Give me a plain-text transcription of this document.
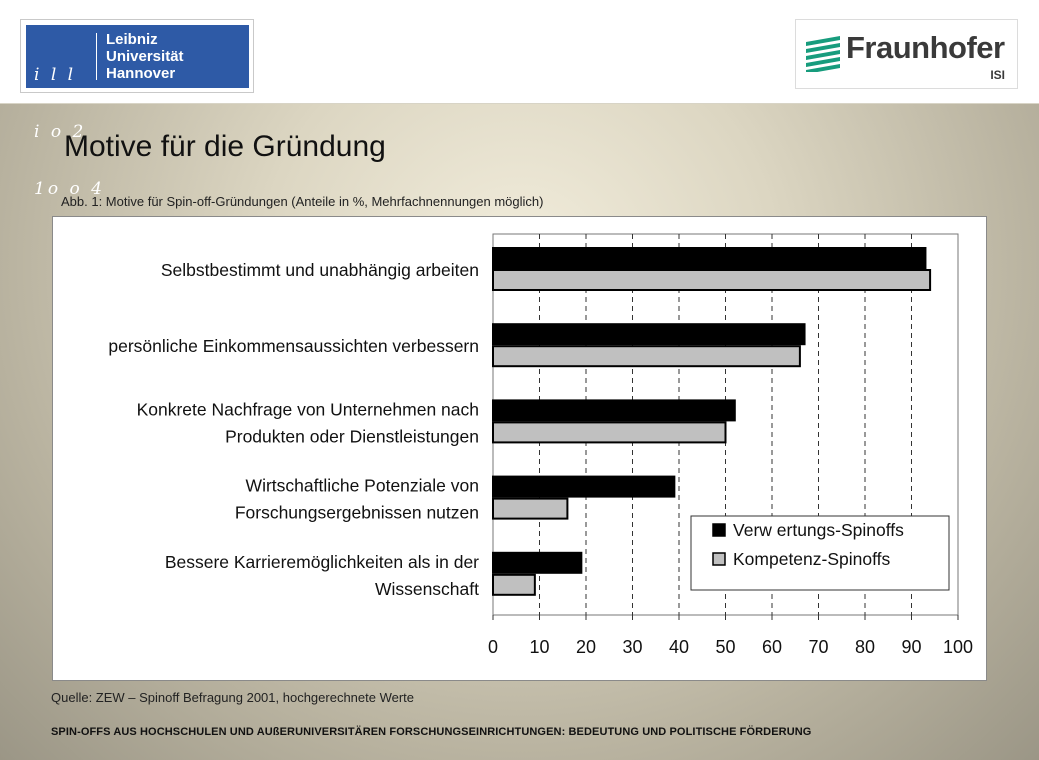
i l l

i o 2

1o o 4

Leibniz
Universität
Hannover
Fraunhofer
ISI
Motive für die Gründung
Abb. 1: Motive für Spin-off-Gründungen (Anteile in %, Mehrfachnennungen möglich)
0 10 20 30 40 50 60 70 80 90 100
Selbstbestimmt und unabhängig arbeiten
persönliche Einkommensaussichten verbessern
Konkrete Nachfrage von Unternehmen nach
Produkten oder Dienstleistungen
Wirtschaftliche Potenziale von
Forschungsergebnissen nutzen
Bessere Karrieremöglichkeiten als in der
Wissenschaft
Verw ertungs-Spinoffs
Kompetenz-Spinoffs
Quelle: ZEW – Spinoff Befragung 2001, hochgerechnete Werte
SPIN-OFFS AUS HOCHSCHULEN UND AUßERUNIVERSITÄREN FORSCHUNGSEINRICHTUNGEN: BEDEUTUNG UND POLITISCHE FÖRDERUNG
